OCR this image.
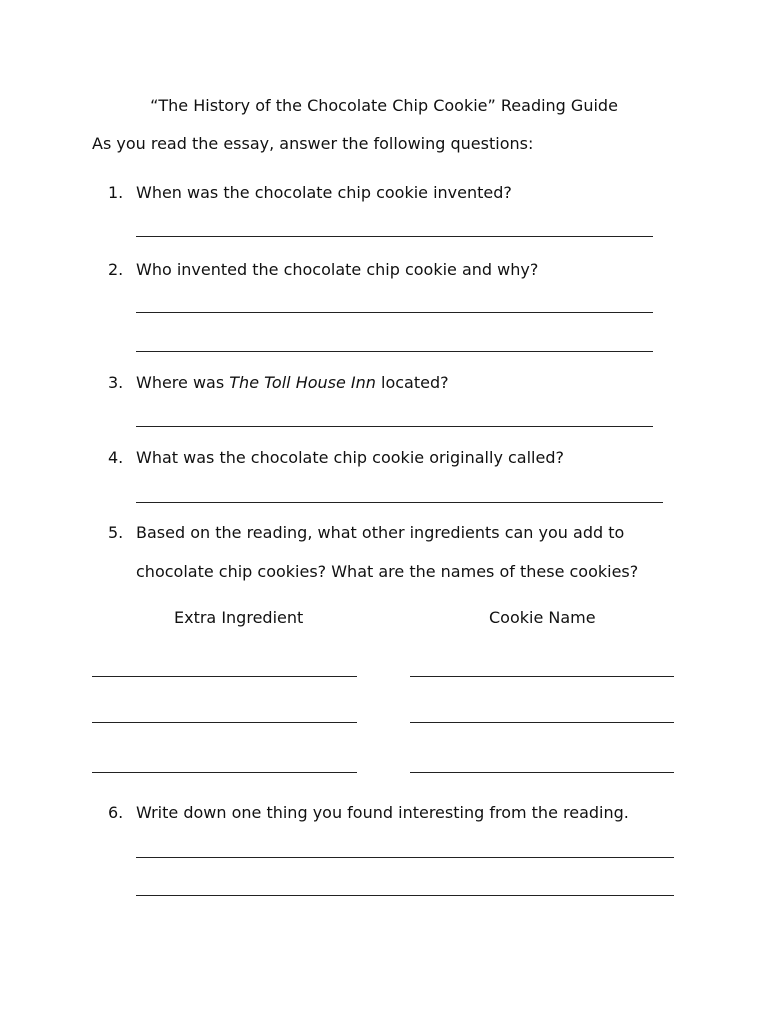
“The History of the Chocolate Chip Cookie” Reading Guide
As you read the essay, answer the following questions:
1. When was the chocolate chip cookie invented?
2. Who invented the chocolate chip cookie and why?
3. Where was The Toll House Inn located?
4. What was the chocolate chip cookie originally called?
5. Based on the reading, what other ingredients can you add to
chocolate chip cookies? What are the names of these cookies?
Extra Ingredient	Cookie Name
6. Write down one thing you found interesting from the reading.
